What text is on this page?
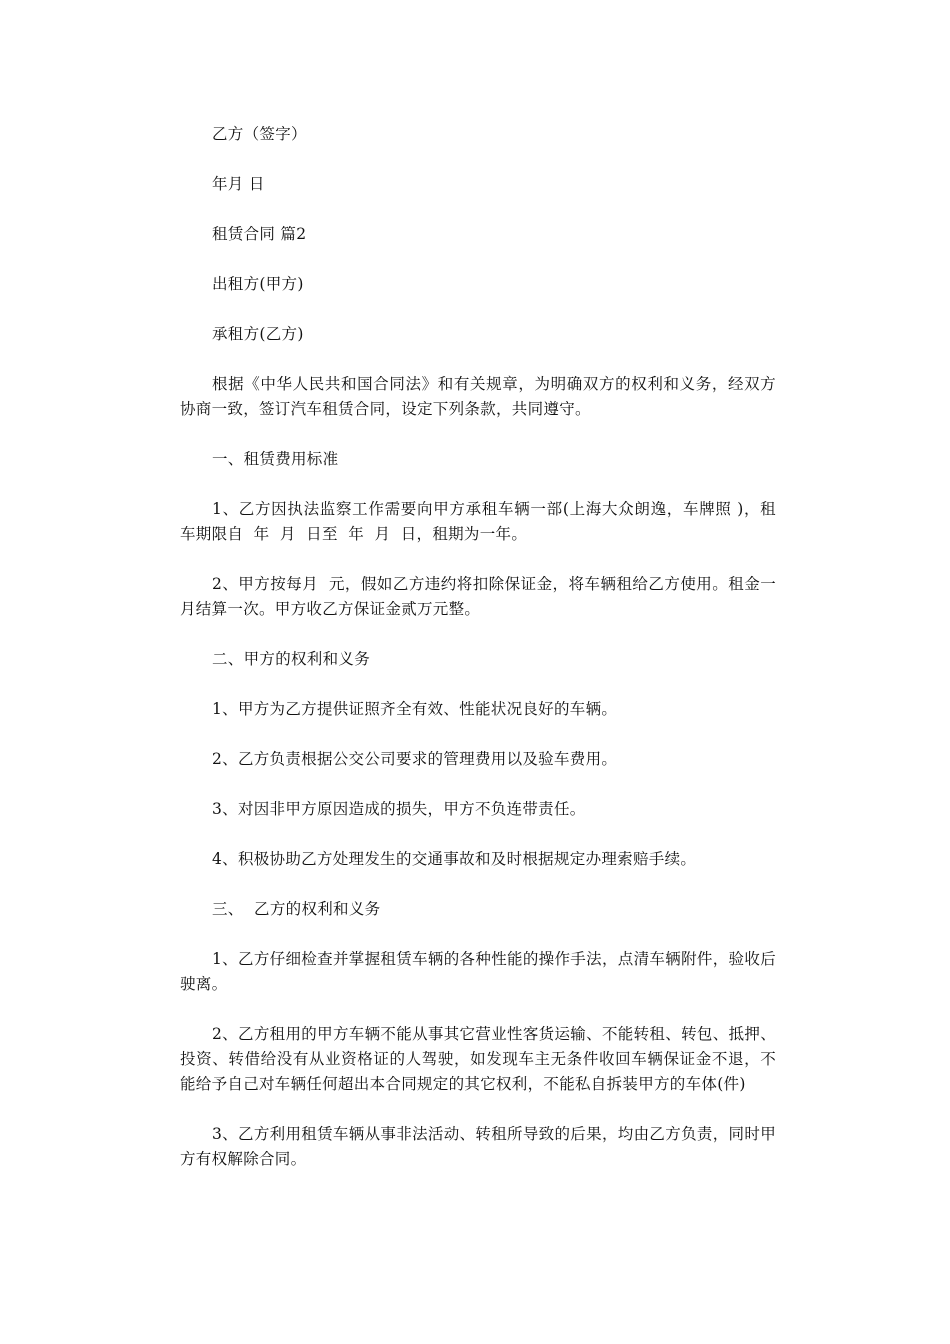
乙方（签字）

年月 日

租赁合同 篇2

出租方(甲方)

承租方(乙方)

根据《中华人民共和国合同法》和有关规章，为明确双方的权利和义务，经双方协商一致，签订汽车租赁合同，设定下列条款，共同遵守。

一、租赁费用标准

1、乙方因执法监察工作需要向甲方承租车辆一部(上海大众朗逸，车牌照 )，租车期限自  年  月  日至  年  月  日，租期为一年。

2、甲方按每月  元，假如乙方违约将扣除保证金，将车辆租给乙方使用。租金一月结算一次。甲方收乙方保证金贰万元整。

二、甲方的权利和义务

1、甲方为乙方提供证照齐全有效、性能状况良好的车辆。

2、乙方负责根据公交公司要求的管理费用以及验车费用。

3、对因非甲方原因造成的损失，甲方不负连带责任。

4、积极协助乙方处理发生的交通事故和及时根据规定办理索赔手续。

三、  乙方的权利和义务

1、乙方仔细检查并掌握租赁车辆的各种性能的操作手法，点清车辆附件，验收后驶离。

2、乙方租用的甲方车辆不能从事其它营业性客货运输、不能转租、转包、抵押、投资、转借给没有从业资格证的人驾驶，如发现车主无条件收回车辆保证金不退，不能给予自己对车辆任何超出本合同规定的其它权利，不能私自拆装甲方的车体(件)

3、乙方利用租赁车辆从事非法活动、转租所导致的后果，均由乙方负责，同时甲方有权解除合同。
